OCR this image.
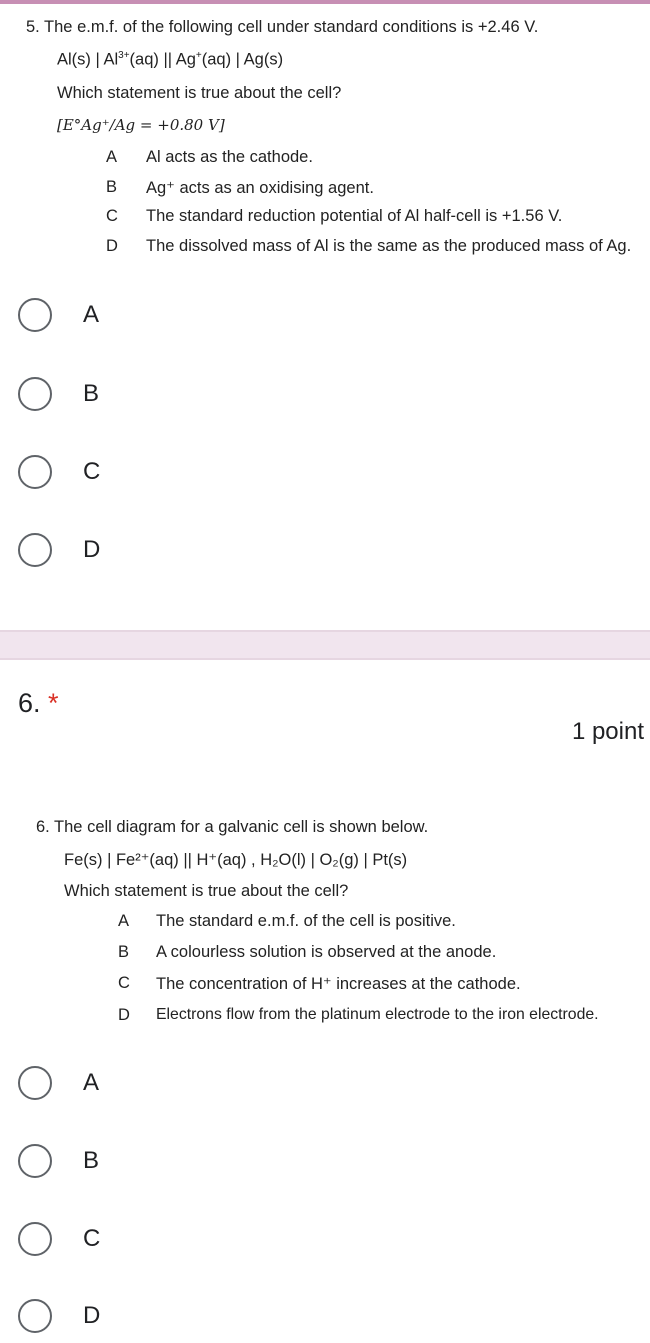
5. The e.m.f. of the following cell under standard conditions is +2.46 V.
Al(s) | $Al^{3+}(aq)$ || Ag+(aq) | Ag(s)
Which statement is true about the cell?
[E°Ag⁺/Ag = +0.80 V]
A Al acts as the cathode.
B Ag⁺ acts as an oxidising agent.
C The standard reduction potential of Al half-cell is +1.56 V.
D The dissolved mass of Al is the same as the produced mass of Ag.
A
B
C
D
6. *
1 point
6. The cell diagram for a galvanic cell is shown below.
Fe(s) | Fe²⁺(aq) || H⁺(aq) , H₂O(l) | O₂(g) | Pt(s)
Which statement is true about the cell?
A The standard e.m.f. of the cell is positive.
B A colourless solution is observed at the anode.
C The concentration of H⁺ increases at the cathode.
D Electrons flow from the platinum electrode to the iron electrode.
A
B
C
D
